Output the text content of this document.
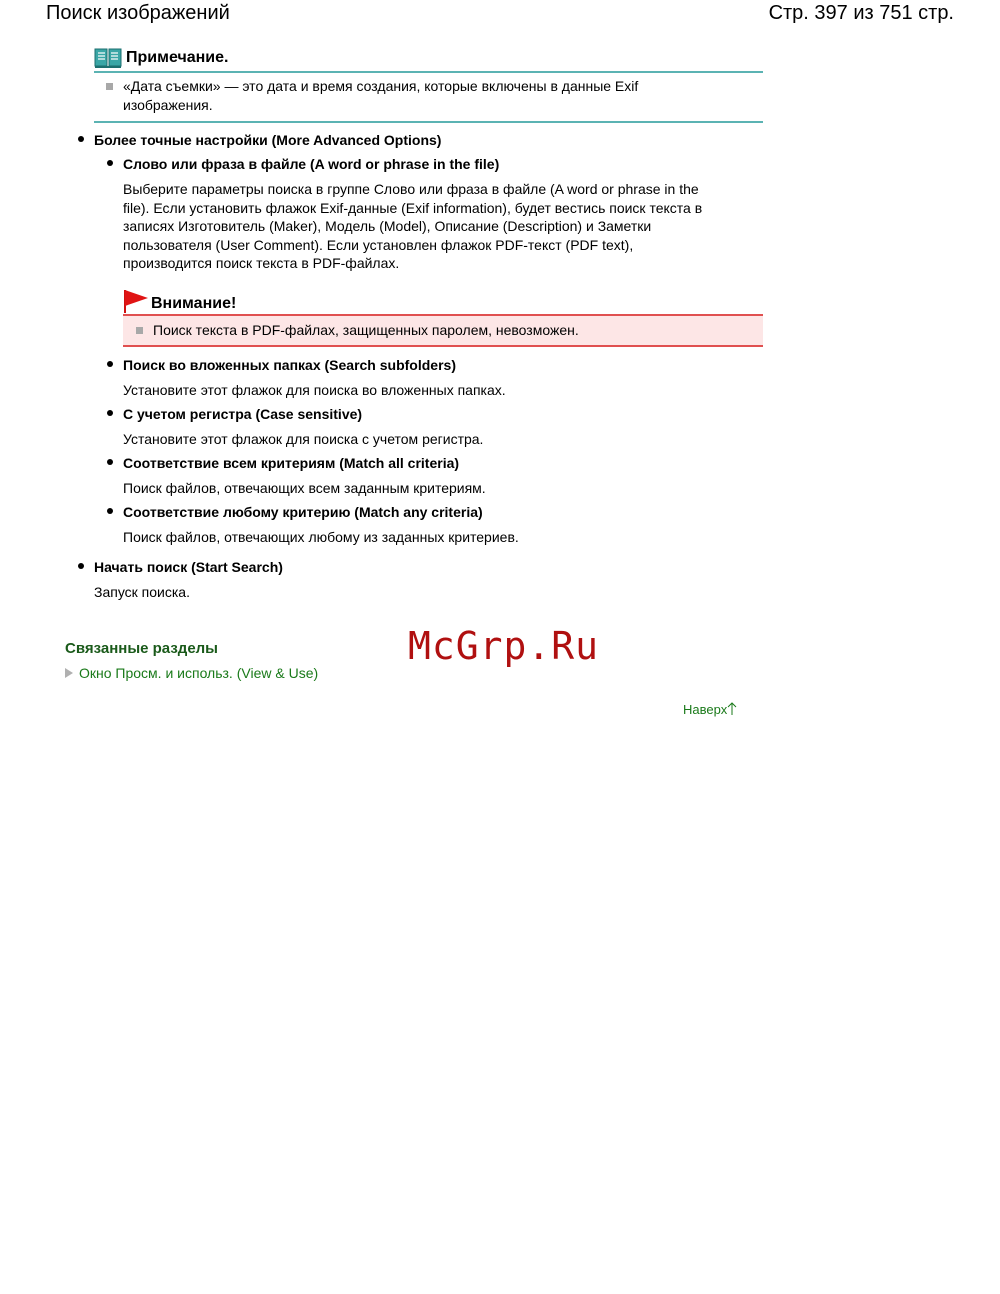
Поиск изображений	Стр. 397 из 751 стр.
Примечание.
«Дата съемки» — это дата и время создания, которые включены в данные Exif
изображения.
Более точные настройки (More Advanced Options)
Слово или фраза в файле (A word or phrase in the file)
Выберите параметры поиска в группе Слово или фраза в файле (A word or phrase in the
file). Если установить флажок Exif-данные (Exif information), будет вестись поиск текста в
записях Изготовитель (Maker), Модель (Model), Описание (Description) и Заметки
пользователя (User Comment). Если установлен флажок PDF-текст (PDF text),
производится поиск текста в PDF-файлах.
Внимание!
Поиск текста в PDF-файлах, защищенных паролем, невозможен.
Поиск во вложенных папках (Search subfolders)
Установите этот флажок для поиска во вложенных папках.
С учетом регистра (Case sensitive)
Установите этот флажок для поиска с учетом регистра.
Соответствие всем критериям (Match all criteria)
Поиск файлов, отвечающих всем заданным критериям.
Соответствие любому критерию (Match any criteria)
Поиск файлов, отвечающих любому из заданных критериев.
Начать поиск (Start Search)
Запуск поиска.
Связанные разделы
Окно Просм. и использ. (View & Use)
McGrp.Ru
Наверх
